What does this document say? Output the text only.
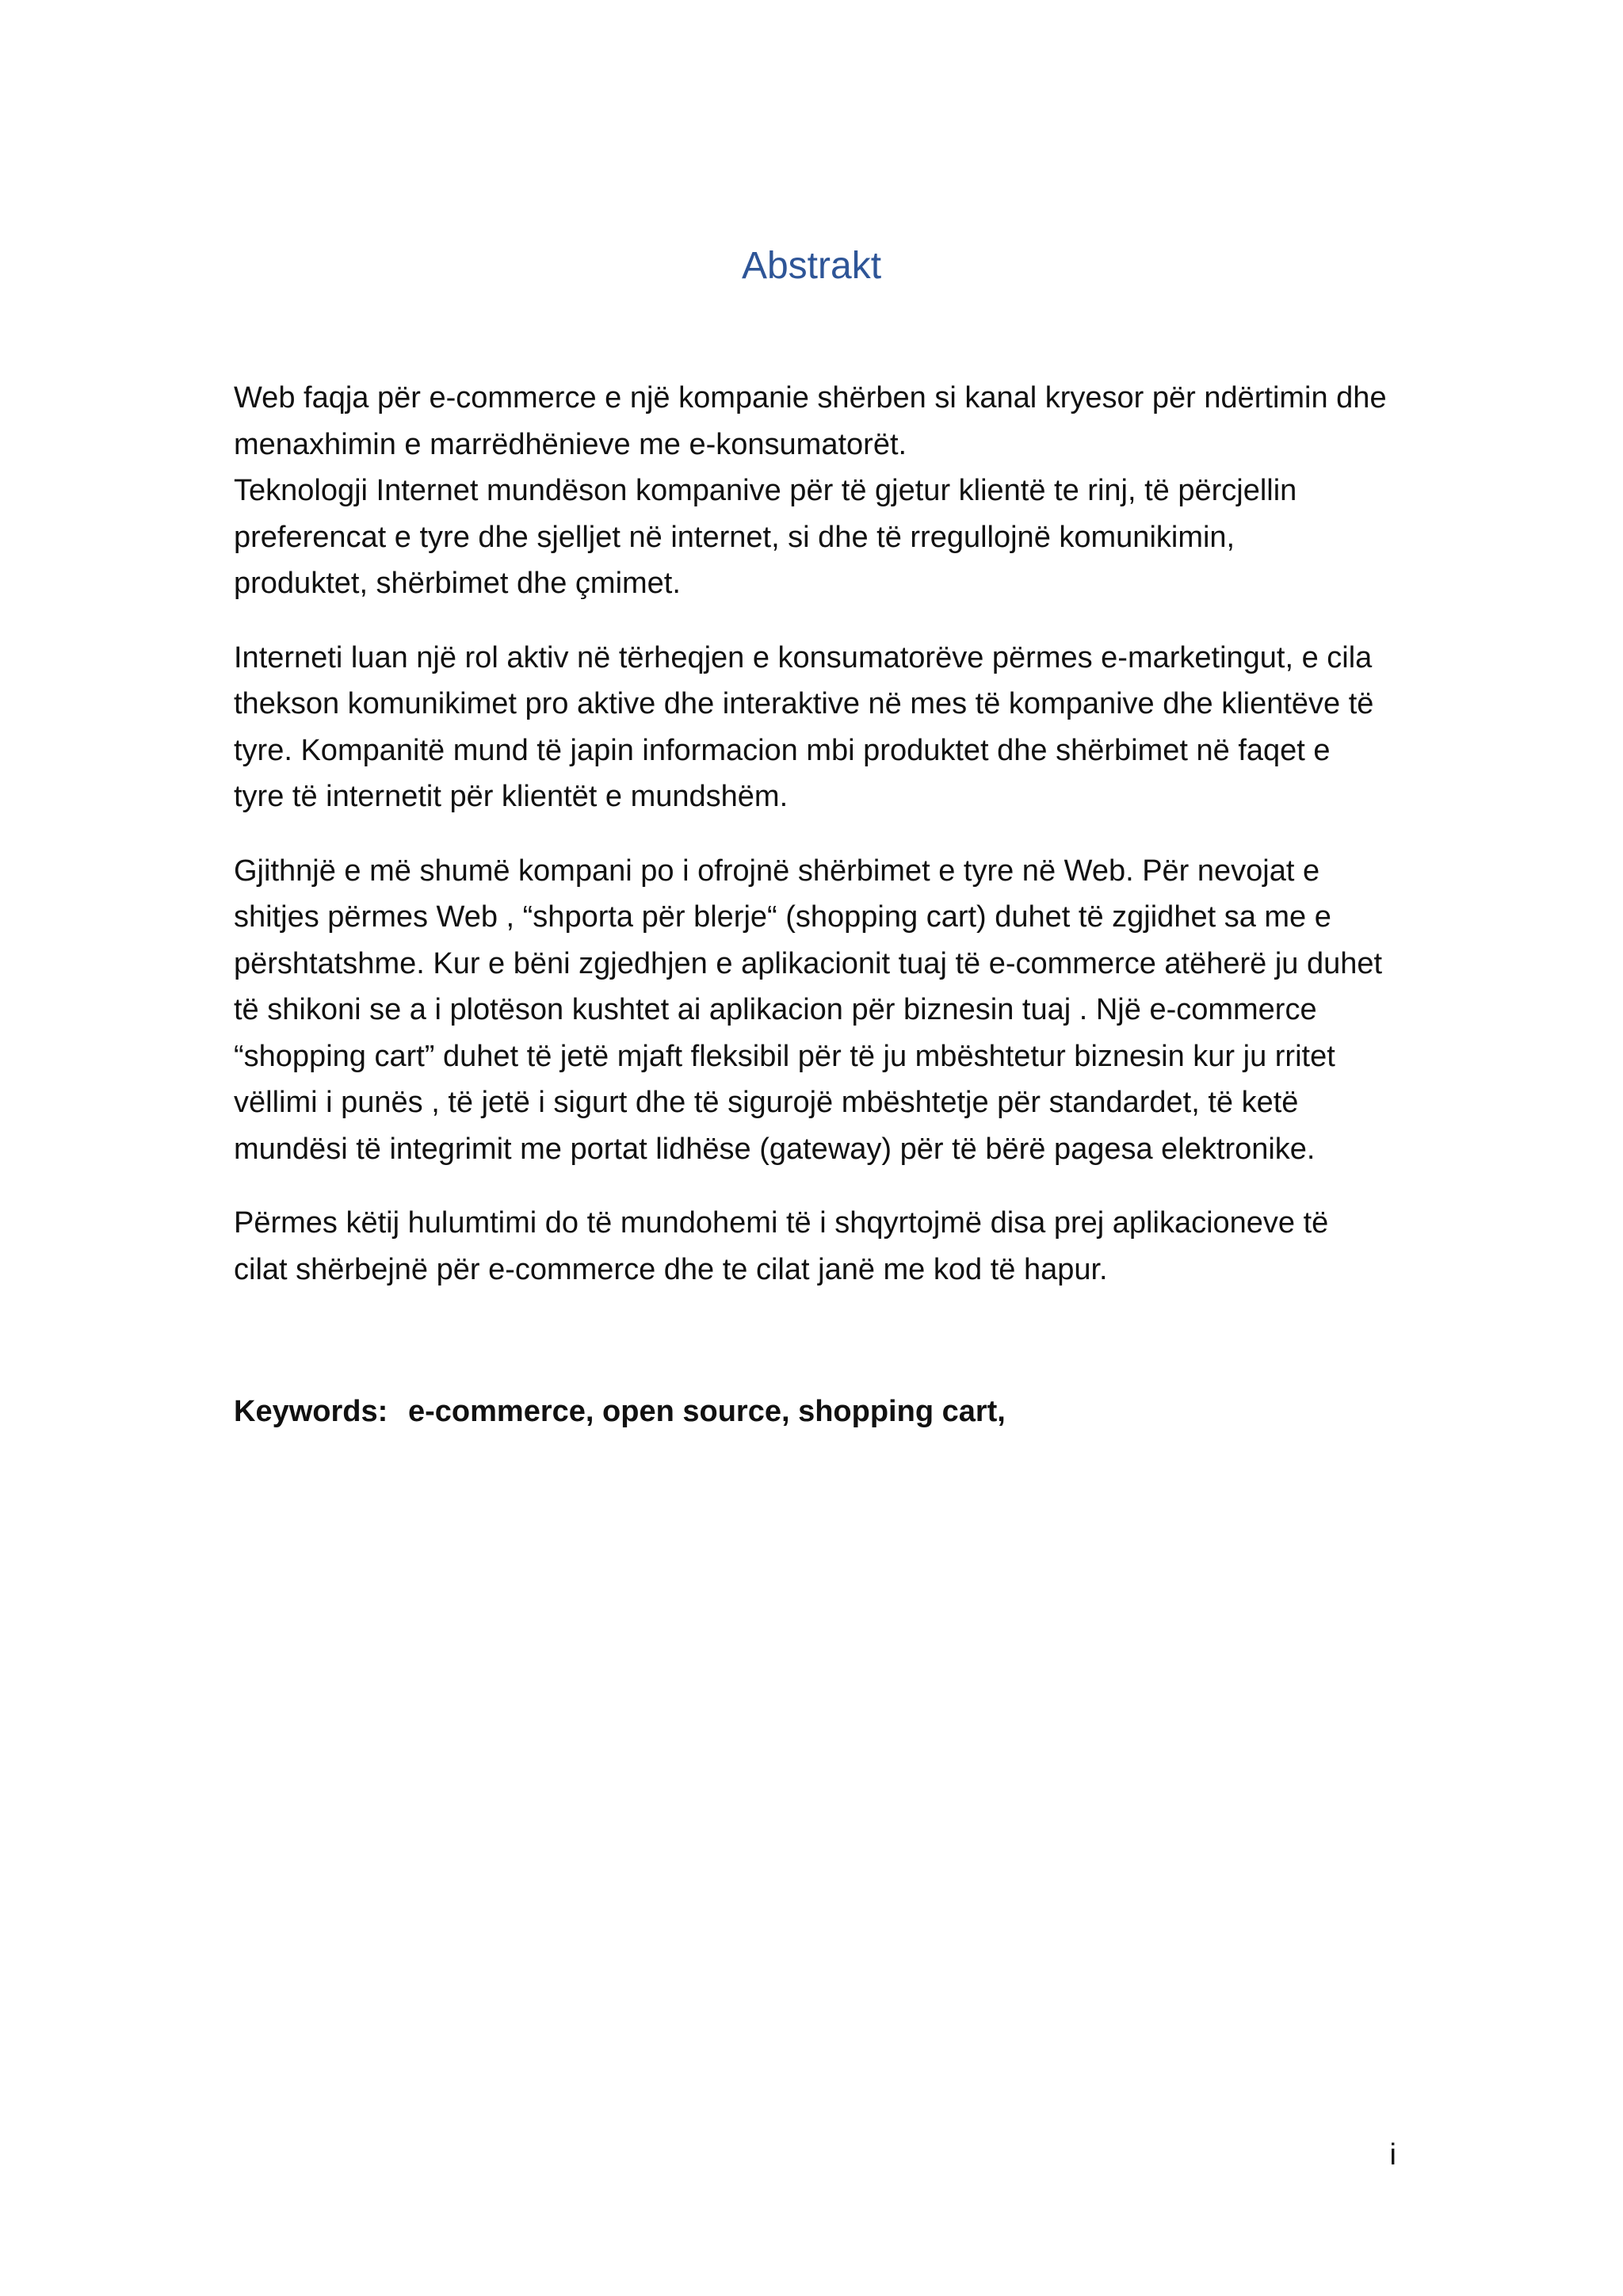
Abstrakt

Web faqja për e-commerce e një kompanie shërben si kanal kryesor për ndërtimin dhe
menaxhimin e marrëdhënieve me e-konsumatorët.
Teknologji Internet mundëson kompanive për të gjetur klientë te rinj, të përcjellin
preferencat e tyre dhe sjelljet në internet, si dhe të rregullojnë komunikimin,
produktet, shërbimet dhe çmimet.

Interneti luan një rol aktiv në tërheqjen e konsumatorëve përmes e-marketingut, e cila
thekson komunikimet pro aktive dhe interaktive në mes të kompanive dhe klientëve të
tyre. Kompanitë mund të japin informacion mbi produktet dhe shërbimet në faqet e
tyre të internetit për klientët e mundshëm.

Gjithnjë e më shumë kompani po i ofrojnë shërbimet e tyre në Web. Për nevojat e
shitjes përmes Web , “shporta për blerje“ (shopping cart) duhet të zgjidhet sa me e
përshtatshme. Kur e bëni zgjedhjen e aplikacionit tuaj të e-commerce atëherë ju duhet
të shikoni se a i plotëson kushtet ai aplikacion për biznesin tuaj . Një e-commerce
“shopping cart” duhet të jetë mjaft fleksibil për të ju mbështetur biznesin kur ju rritet
vëllimi i punës , të jetë i sigurt dhe të sigurojë mbështetje për standardet, të ketë
mundësi të integrimit me portat lidhëse (gateway) për të bërë pagesa elektronike.

Përmes këtij hulumtimi do të mundohemi të i shqyrtojmë disa prej aplikacioneve të
cilat shërbejnë për e-commerce dhe te cilat janë me kod të hapur.

Keywords: e-commerce, open source, shopping cart,

i
